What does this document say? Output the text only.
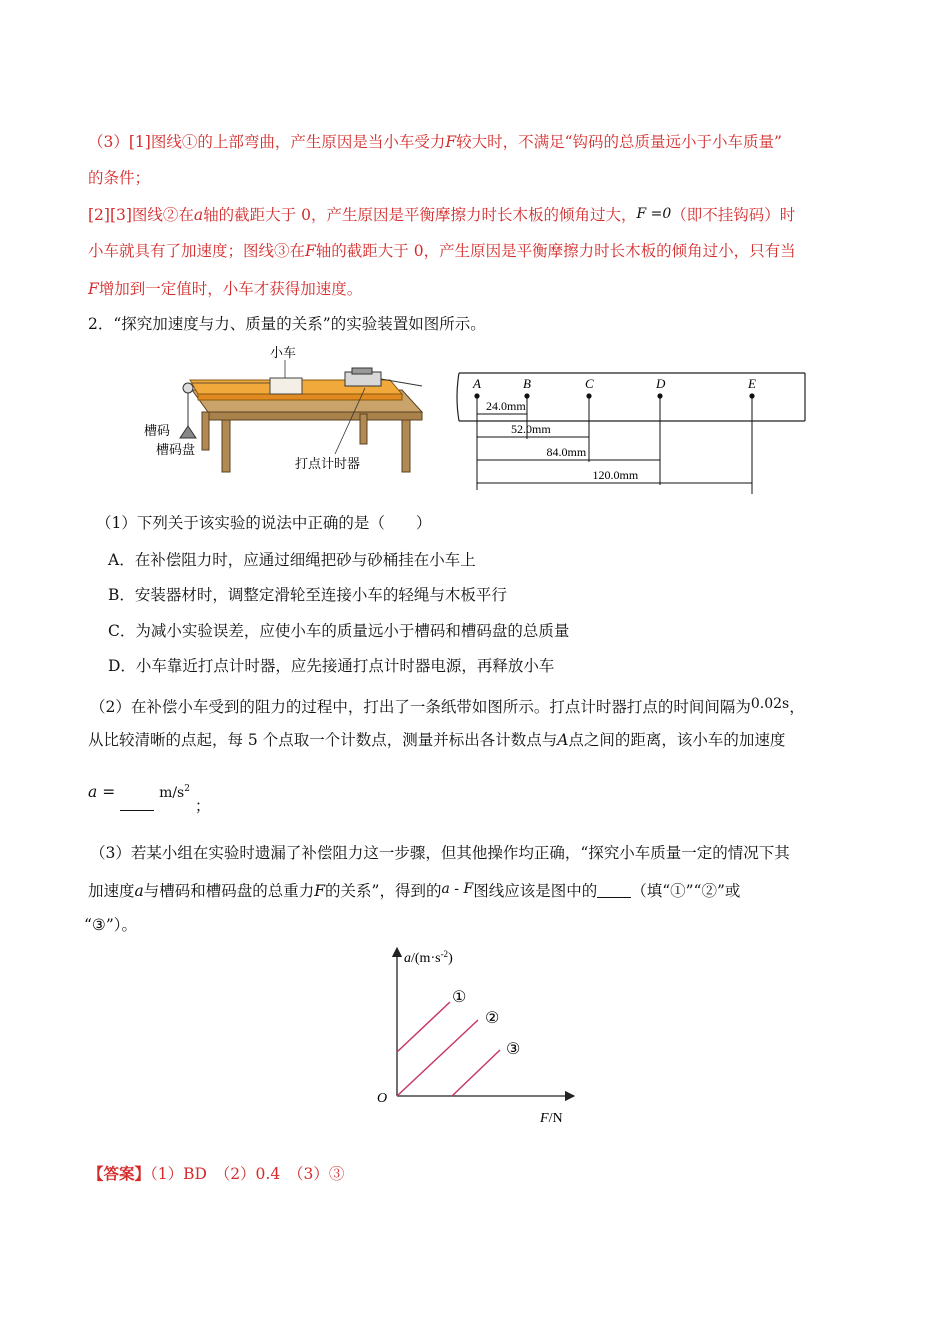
（3）[1]图线①的上部弯曲，产生原因是当小车受力F较大时，不满足“钩码的总质量远小于小车质量”
的条件；
[2][3]图线②在a轴的截距大于 0，产生原因是平衡摩擦力时长木板的倾角过大，F =0（即不挂钩码）时
小车就具有了加速度；图线③在F轴的截距大于 0，产生原因是平衡摩擦力时长木板的倾角过小，只有当
F增加到一定值时，小车才获得加速度。
2．“探究加速度与力、质量的关系”的实验装置如图所示。
小车
槽码
槽码盘
打点计时器
A	B	C	D	E
24.0mm
52.0mm
84.0mm
120.0mm
（1）下列关于该实验的说法中正确的是（　　）
A．在补偿阻力时，应通过细绳把砂与砂桶挂在小车上
B．安装器材时，调整定滑轮至连接小车的轻绳与木板平行
C．为减小实验误差，应使小车的质量远小于槽码和槽码盘的总质量
D．小车靠近打点计时器，应先接通打点计时器电源，再释放小车
（2）在补偿小车受到的阻力的过程中，打出了一条纸带如图所示。打点计时器打点的时间间隔为0.02s，
从比较清晰的点起，每 5 个点取一个计数点，测量并标出各计数点与A点之间的距离，该小车的加速度
a =	$m/s^2$ ；
（3）若某小组在实验时遗漏了补偿阻力这一步骤，但其他操作均正确，“探究小车质量一定的情况下其
加速度a与槽码和槽码盘的总重力F的关系”，得到的a - F图线应该是图中的 （填“①”“②”或
“③”）。
$a/(m\cdot s^{-2})$
F/N
O
①
②
③
【答案】（1）BD　（2）0.4　（3）③
